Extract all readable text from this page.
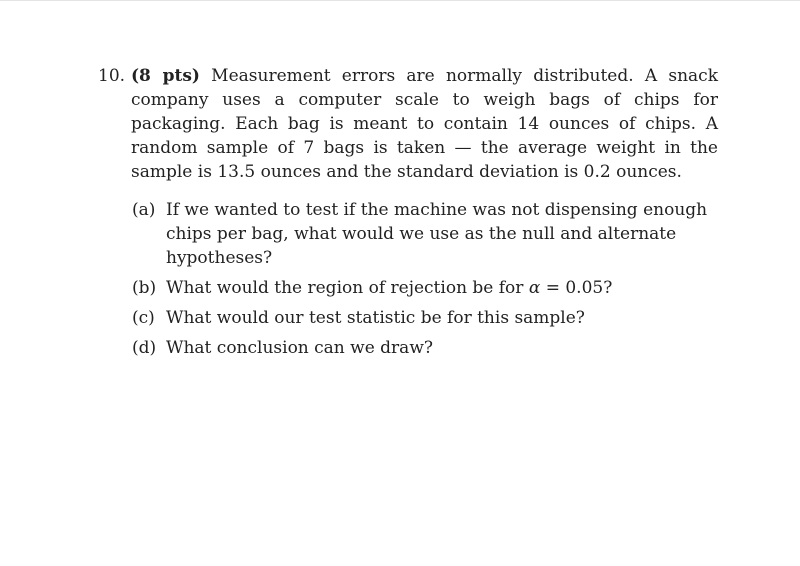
10. (8 pts) Measurement errors are normally distributed. A snack company uses a computer scale to weigh bags of chips for packaging. Each bag is meant to contain 14 ounces of chips. A random sample of 7 bags is taken — the average weight in the sample is 13.5 ounces and the standard deviation is 0.2 ounces.
(a) If we wanted to test if the machine was not dispensing enough chips per bag, what would we use as the null and alternate hypotheses?
(b) What would the region of rejection be for α = 0.05?
(c) What would our test statistic be for this sample?
(d) What conclusion can we draw?
